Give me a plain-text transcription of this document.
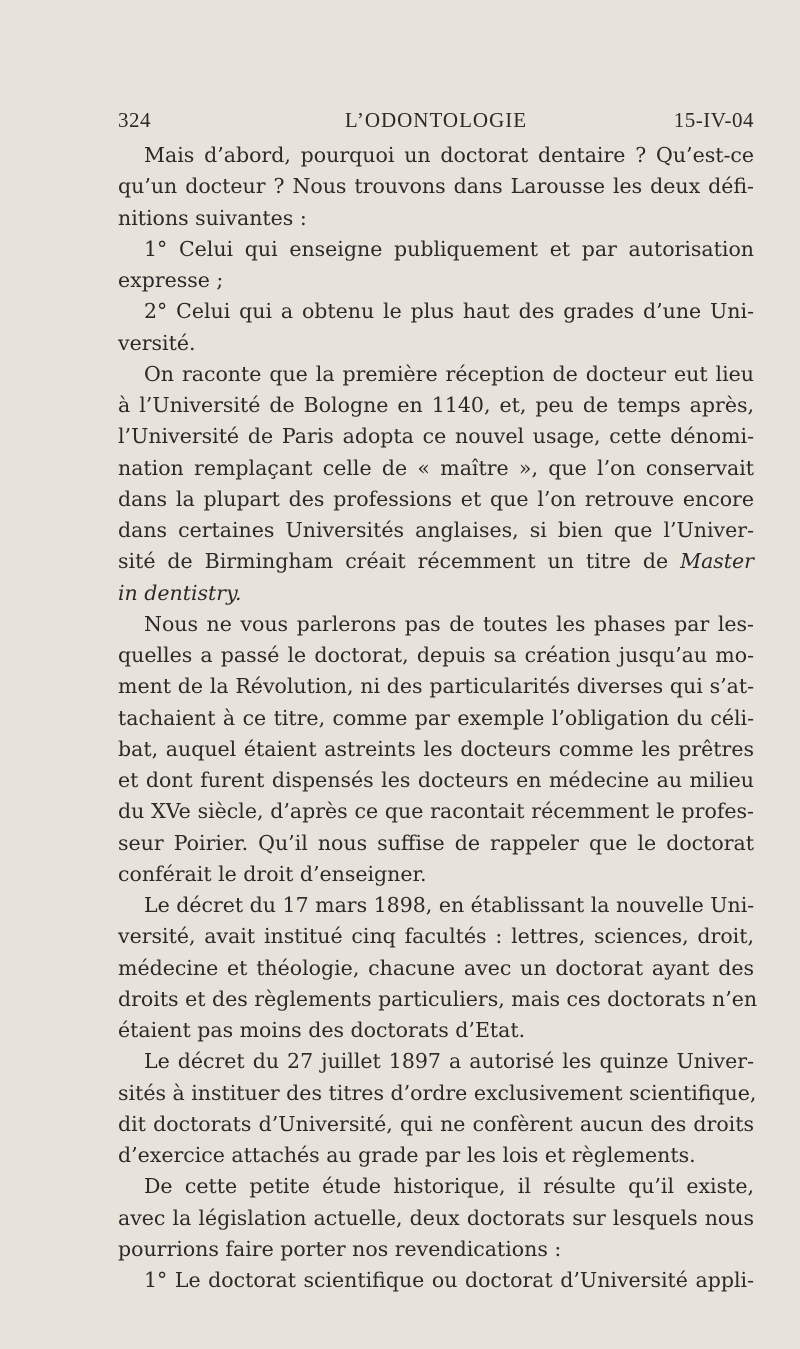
324	L’ODONTOLOGIE	15-IV-04
Mais d’abord, pourquoi un doctorat dentaire ? Qu’est-ce
qu’un docteur ? Nous trouvons dans Larousse les deux défi-
nitions suivantes :
1° Celui qui enseigne publiquement et par autorisation
expresse ;
2° Celui qui a obtenu le plus haut des grades d’une Uni-
versité.
On raconte que la première réception de docteur eut lieu
à l’Université de Bologne en 1140, et, peu de temps après,
l’Université de Paris adopta ce nouvel usage, cette dénomi-
nation remplaçant celle de « maître », que l’on conservait
dans la plupart des professions et que l’on retrouve encore
dans certaines Universités anglaises, si bien que l’Univer-
sité de Birmingham créait récemment un titre de Master
in dentistry.
Nous ne vous parlerons pas de toutes les phases par les-
quelles a passé le doctorat, depuis sa création jusqu’au mo-
ment de la Révolution, ni des particularités diverses qui s’at-
tachaient à ce titre, comme par exemple l’obligation du céli-
bat, auquel étaient astreints les docteurs comme les prêtres
et dont furent dispensés les docteurs en médecine au milieu
du XVe siècle, d’après ce que racontait récemment le profes-
seur Poirier. Qu’il nous suffise de rappeler que le doctorat
conférait le droit d’enseigner.
Le décret du 17 mars 1898, en établissant la nouvelle Uni-
versité, avait institué cinq facultés : lettres, sciences, droit,
médecine et théologie, chacune avec un doctorat ayant des
droits et des règlements particuliers, mais ces doctorats n’en
étaient pas moins des doctorats d’Etat.
Le décret du 27 juillet 1897 a autorisé les quinze Univer-
sités à instituer des titres d’ordre exclusivement scientifique,
dit doctorats d’Université, qui ne confèrent aucun des droits
d’exercice attachés au grade par les lois et règlements.
De cette petite étude historique, il résulte qu’il existe,
avec la législation actuelle, deux doctorats sur lesquels nous
pourrions faire porter nos revendications :
1° Le doctorat scientifique ou doctorat d’Université appli-
